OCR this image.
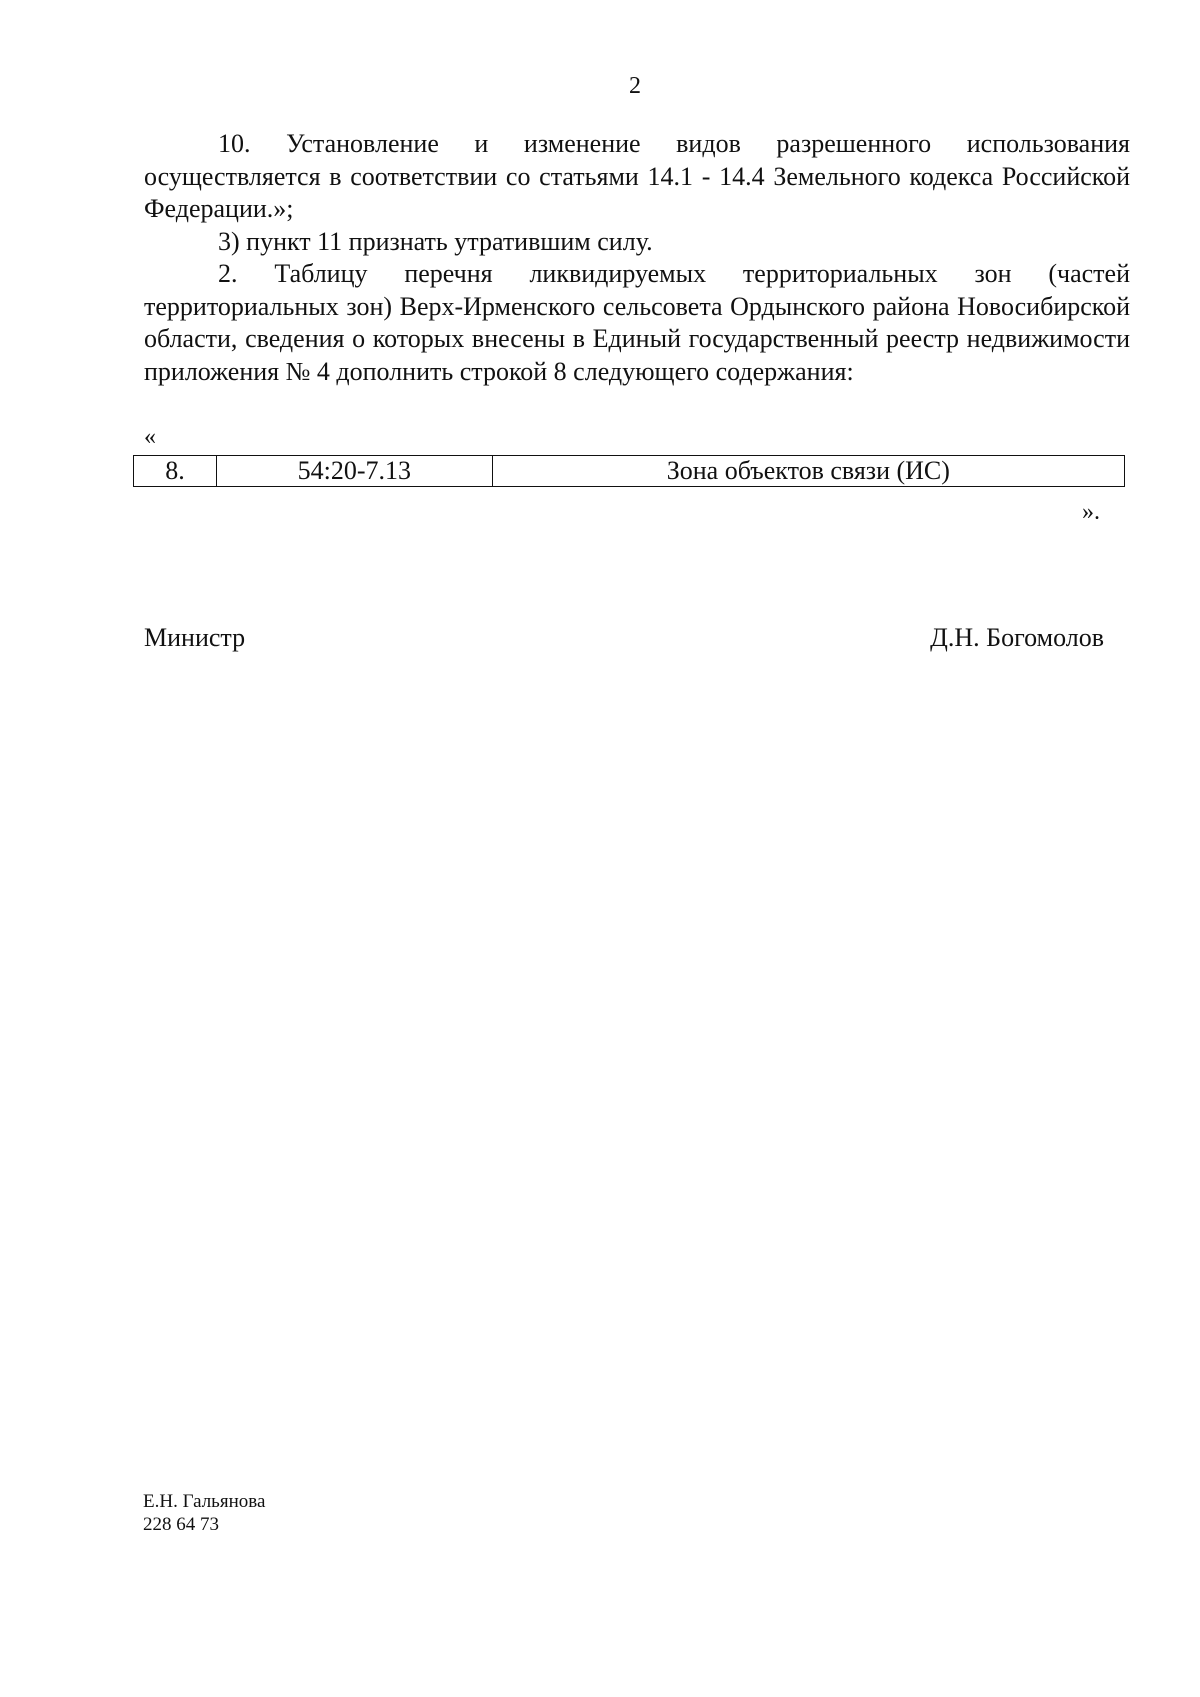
2

10. Установление и изменение видов разрешенного использования осуществляется в соответствии со статьями 14.1 - 14.4 Земельного кодекса Российской Федерации.»;

3) пункт 11 признать утратившим силу.

2. Таблицу перечня ликвидируемых территориальных зон (частей территориальных зон) Верх-Ирменского сельсовета Ордынского района Новосибирской области, сведения о которых внесены в Единый государственный реестр недвижимости приложения № 4 дополнить строкой 8 следующего содержания:

«
8.	54:20-7.13	Зона объектов связи (ИС)
».
Министр	Д.Н. Богомолов
Е.Н. Гальянова
228 64 73
